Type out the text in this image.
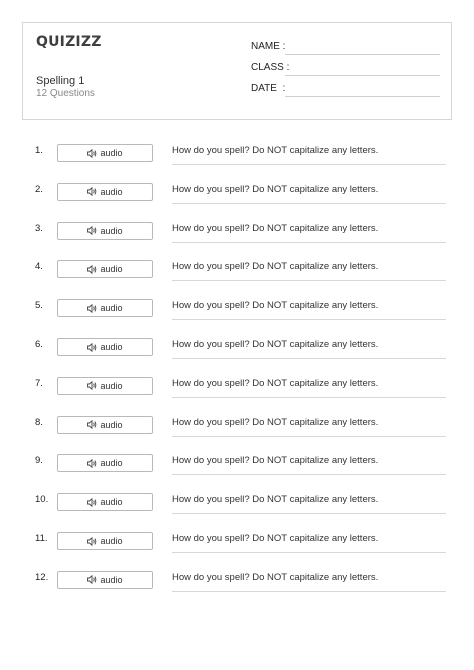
QUIZIZZ
Spelling 1
12 Questions
NAME :
CLASS :
DATE  :
1.	audio	How do you spell? Do NOT capitalize any letters.
2.	audio	How do you spell? Do NOT capitalize any letters.
3.	audio	How do you spell? Do NOT capitalize any letters.
4.	audio	How do you spell? Do NOT capitalize any letters.
5.	audio	How do you spell? Do NOT capitalize any letters.
6.	audio	How do you spell? Do NOT capitalize any letters.
7.	audio	How do you spell? Do NOT capitalize any letters.
8.	audio	How do you spell? Do NOT capitalize any letters.
9.	audio	How do you spell? Do NOT capitalize any letters.
10.	audio	How do you spell? Do NOT capitalize any letters.
11.	audio	How do you spell? Do NOT capitalize any letters.
12.	audio	How do you spell? Do NOT capitalize any letters.
